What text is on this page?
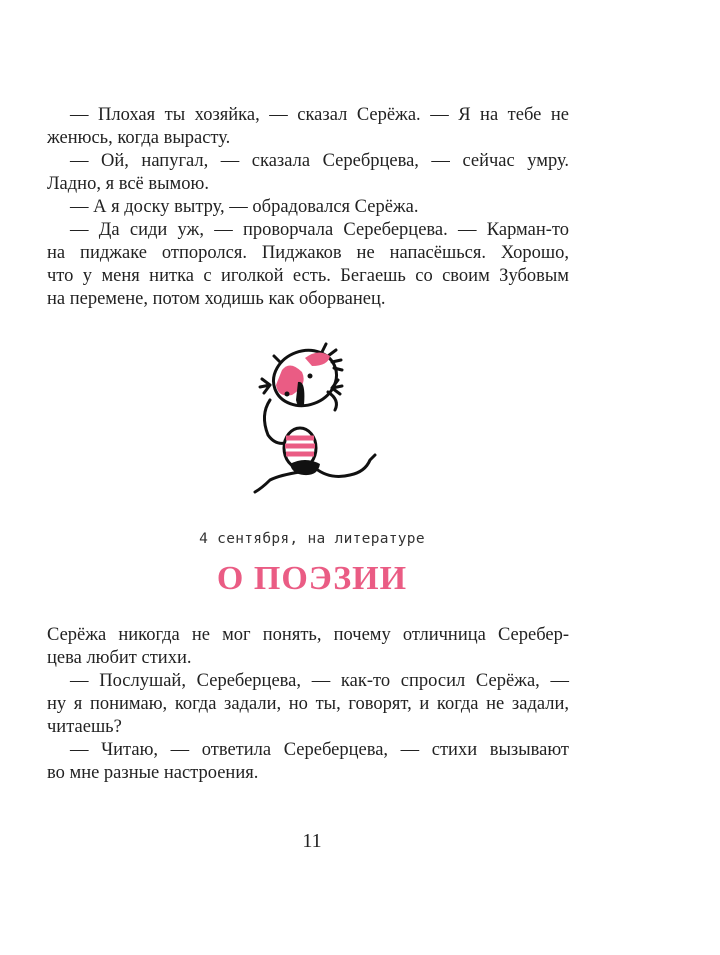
— Плохая ты хозяйка, — сказал Серёжа. — Я на тебе не
женюсь, когда вырасту.
— Ой, напугал, — сказала Серебрцева, — сейчас умру.
Ладно, я всё вымою.
— А я доску вытру, — обрадовался Серёжа.
— Да сиди уж, — проворчала Сереберцева. — Карман-то
на пиджаке отпоролся. Пиджаков не напасёшься. Хорошо,
что у меня нитка с иголкой есть. Бегаешь со своим Зубовым
на перемене, потом ходишь как оборванец.
4 сентября, на литературе
О ПОЭЗИИ
Серёжа никогда не мог понять, почему отличница Серебер-
цева любит стихи.
— Послушай, Сереберцева, — как-то спросил Серёжа, —
ну я понимаю, когда задали, но ты, говорят, и когда не задали,
читаешь?
— Читаю, — ответила Сереберцева, — стихи вызывают
во мне разные настроения.
11
